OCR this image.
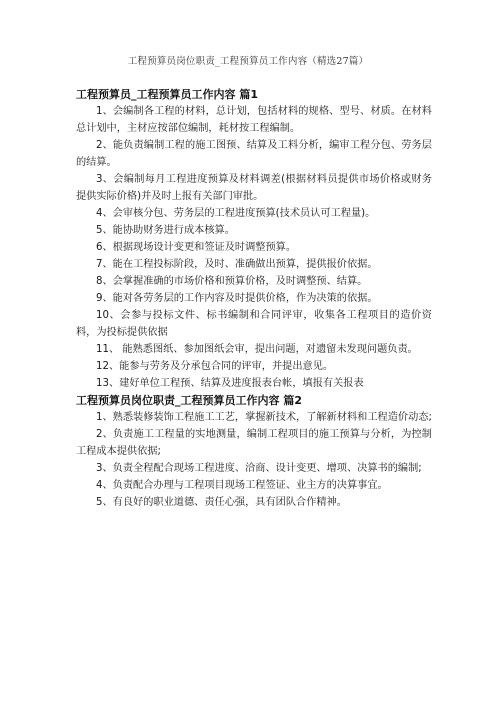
工程预算员岗位职责_工程预算员工作内容（精选27篇）

工程预算员_工程预算员工作内容 篇1

1、会编制各工程的材料，总计划，包括材料的规格、型号、材质。在材料总计划中，主材应按部位编制，耗材按工程编制。

2、能负责编制工程的施工图预、结算及工料分析，编审工程分包、劳务层的结算。

3、会编制每月工程进度预算及材料调差(根据材料员提供市场价格或财务提供实际价格)并及时上报有关部门审批。

4、会审核分包、劳务层的工程进度预算(技术员认可工程量)。

5、能协助财务进行成本核算。

6、根据现场设计变更和签证及时调整预算。

7、能在工程投标阶段，及时、准确做出预算，提供报价依据。

8、会掌握准确的市场价格和预算价格，及时调整预、结算。

9、能对各劳务层的工作内容及时提供价格，作为决策的依据。

10、会参与投标文件、标书编制和合同评审，收集各工程项目的造价资料，为投标提供依据

11、 能熟悉图纸、参加图纸会审，提出问题，对遗留未发现问题负责。

12、能参与劳务及分承包合同的评审，并提出意见。

13、建好单位工程预、结算及进度报表台帐，填报有关报表

工程预算员岗位职责_工程预算员工作内容 篇2

1、熟悉装修装饰工程施工工艺，掌握新技术，了解新材料和工程造价动态;

2、负责施工工程量的实地测量，编制工程项目的施工预算与分析，为控制工程成本提供依据;

3、负责全程配合现场工程进度、洽商、设计变更、增项、决算书的编制;

4、负责配合办理与工程项目现场工程签证、业主方的决算事宜。

5、有良好的职业道德、责任心强，具有团队合作精神。
